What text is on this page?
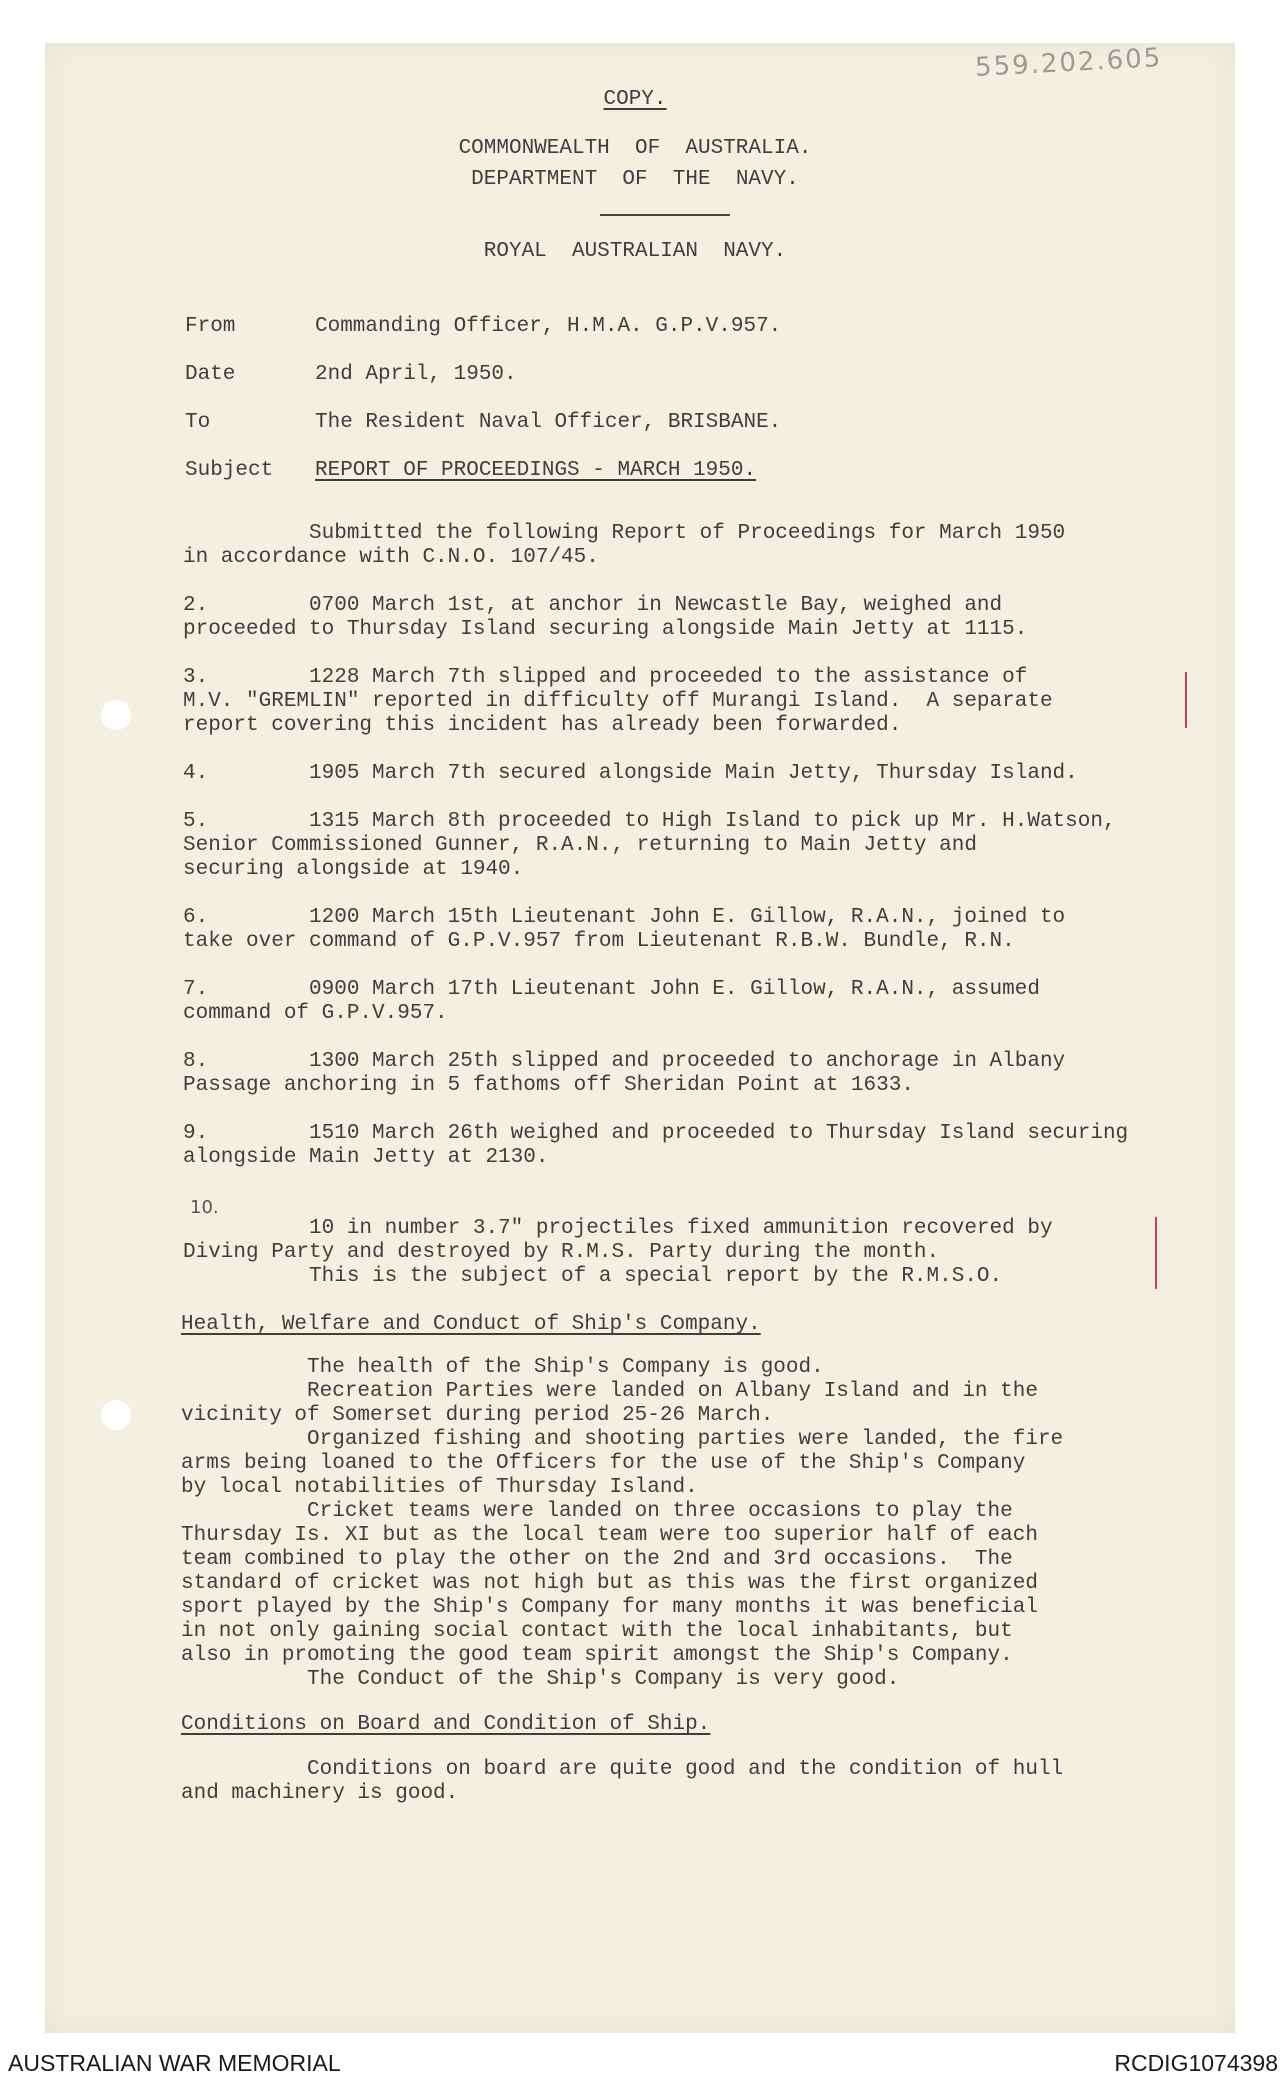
559.202.605
COPY.
COMMONWEALTH  OF  AUSTRALIA.
DEPARTMENT  OF  THE  NAVY.
ROYAL  AUSTRALIAN  NAVY.
From	Commanding Officer, H.M.A. G.P.V.957.
Date	2nd April, 1950.
To	The Resident Naval Officer, BRISBANE.
Subject REPORT OF PROCEEDINGS - MARCH 1950.
Submitted the following Report of Proceedings for March 1950
in accordance with C.N.O. 107/45.
2.        0700 March 1st, at anchor in Newcastle Bay, weighed and
proceeded to Thursday Island securing alongside Main Jetty at 1115.
3.        1228 March 7th slipped and proceeded to the assistance of
M.V. "GREMLIN" reported in difficulty off Murangi Island.  A separate
report covering this incident has already been forwarded.
4.        1905 March 7th secured alongside Main Jetty, Thursday Island.
5.        1315 March 8th proceeded to High Island to pick up Mr. H.Watson,
Senior Commissioned Gunner, R.A.N., returning to Main Jetty and
securing alongside at 1940.
6.        1200 March 15th Lieutenant John E. Gillow, R.A.N., joined to
take over command of G.P.V.957 from Lieutenant R.B.W. Bundle, R.N.
7.        0900 March 17th Lieutenant John E. Gillow, R.A.N., assumed
command of G.P.V.957.
8.        1300 March 25th slipped and proceeded to anchorage in Albany
Passage anchoring in 5 fathoms off Sheridan Point at 1633.
9.        1510 March 26th weighed and proceeded to Thursday Island securing
alongside Main Jetty at 2130.
10.
10 in number 3.7" projectiles fixed ammunition recovered by
Diving Party and destroyed by R.M.S. Party during the month.
This is the subject of a special report by the R.M.S.O.
Health, Welfare and Conduct of Ship's Company.
The health of the Ship's Company is good.
Recreation Parties were landed on Albany Island and in the
vicinity of Somerset during period 25-26 March.
Organized fishing and shooting parties were landed, the fire
arms being loaned to the Officers for the use of the Ship's Company
by local notabilities of Thursday Island.
Cricket teams were landed on three occasions to play the
Thursday Is. XI but as the local team were too superior half of each
team combined to play the other on the 2nd and 3rd occasions.  The
standard of cricket was not high but as this was the first organized
sport played by the Ship's Company for many months it was beneficial
in not only gaining social contact with the local inhabitants, but
also in promoting the good team spirit amongst the Ship's Company.
The Conduct of the Ship's Company is very good.
Conditions on Board and Condition of Ship.
Conditions on board are quite good and the condition of hull
and machinery is good.
AUSTRALIAN WAR MEMORIAL	RCDIG1074398
